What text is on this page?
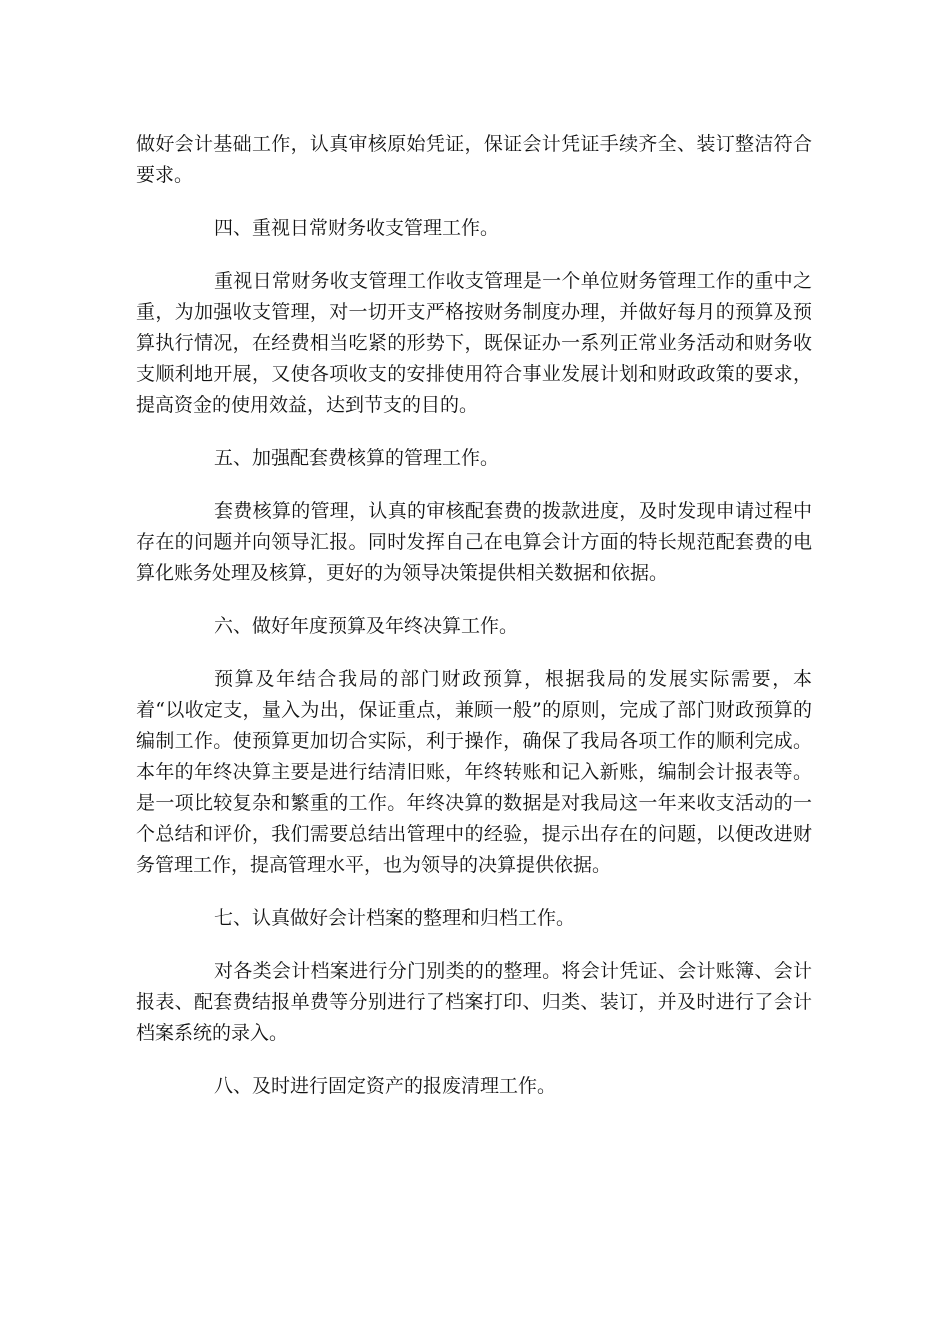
做好会计基础工作，认真审核原始凭证，保证会计凭证手续齐全、装订整洁符合要求。

四、重视日常财务收支管理工作。

重视日常财务收支管理工作收支管理是一个单位财务管理工作的重中之重，为加强收支管理，对一切开支严格按财务制度办理，并做好每月的预算及预算执行情况，在经费相当吃紧的形势下，既保证办一系列正常业务活动和财务收支顺利地开展，又使各项收支的安排使用符合事业发展计划和财政政策的要求，提高资金的使用效益，达到节支的目的。

五、加强配套费核算的管理工作。

套费核算的管理，认真的审核配套费的拨款进度，及时发现申请过程中存在的问题并向领导汇报。同时发挥自己在电算会计方面的特长规范配套费的电算化账务处理及核算，更好的为领导决策提供相关数据和依据。

六、做好年度预算及年终决算工作。

预算及年结合我局的部门财政预算，根据我局的发展实际需要，本着“以收定支，量入为出，保证重点，兼顾一般”的原则，完成了部门财政预算的编制工作。使预算更加切合实际，利于操作，确保了我局各项工作的顺利完成。本年的年终决算主要是进行结清旧账，年终转账和记入新账，编制会计报表等。是一项比较复杂和繁重的工作。年终决算的数据是对我局这一年来收支活动的一个总结和评价，我们需要总结出管理中的经验，提示出存在的问题，以便改进财务管理工作，提高管理水平，也为领导的决算提供依据。

七、认真做好会计档案的整理和归档工作。

对各类会计档案进行分门别类的的整理。将会计凭证、会计账簿、会计报表、配套费结报单费等分别进行了档案打印、归类、装订，并及时进行了会计档案系统的录入。

八、及时进行固定资产的报废清理工作。
